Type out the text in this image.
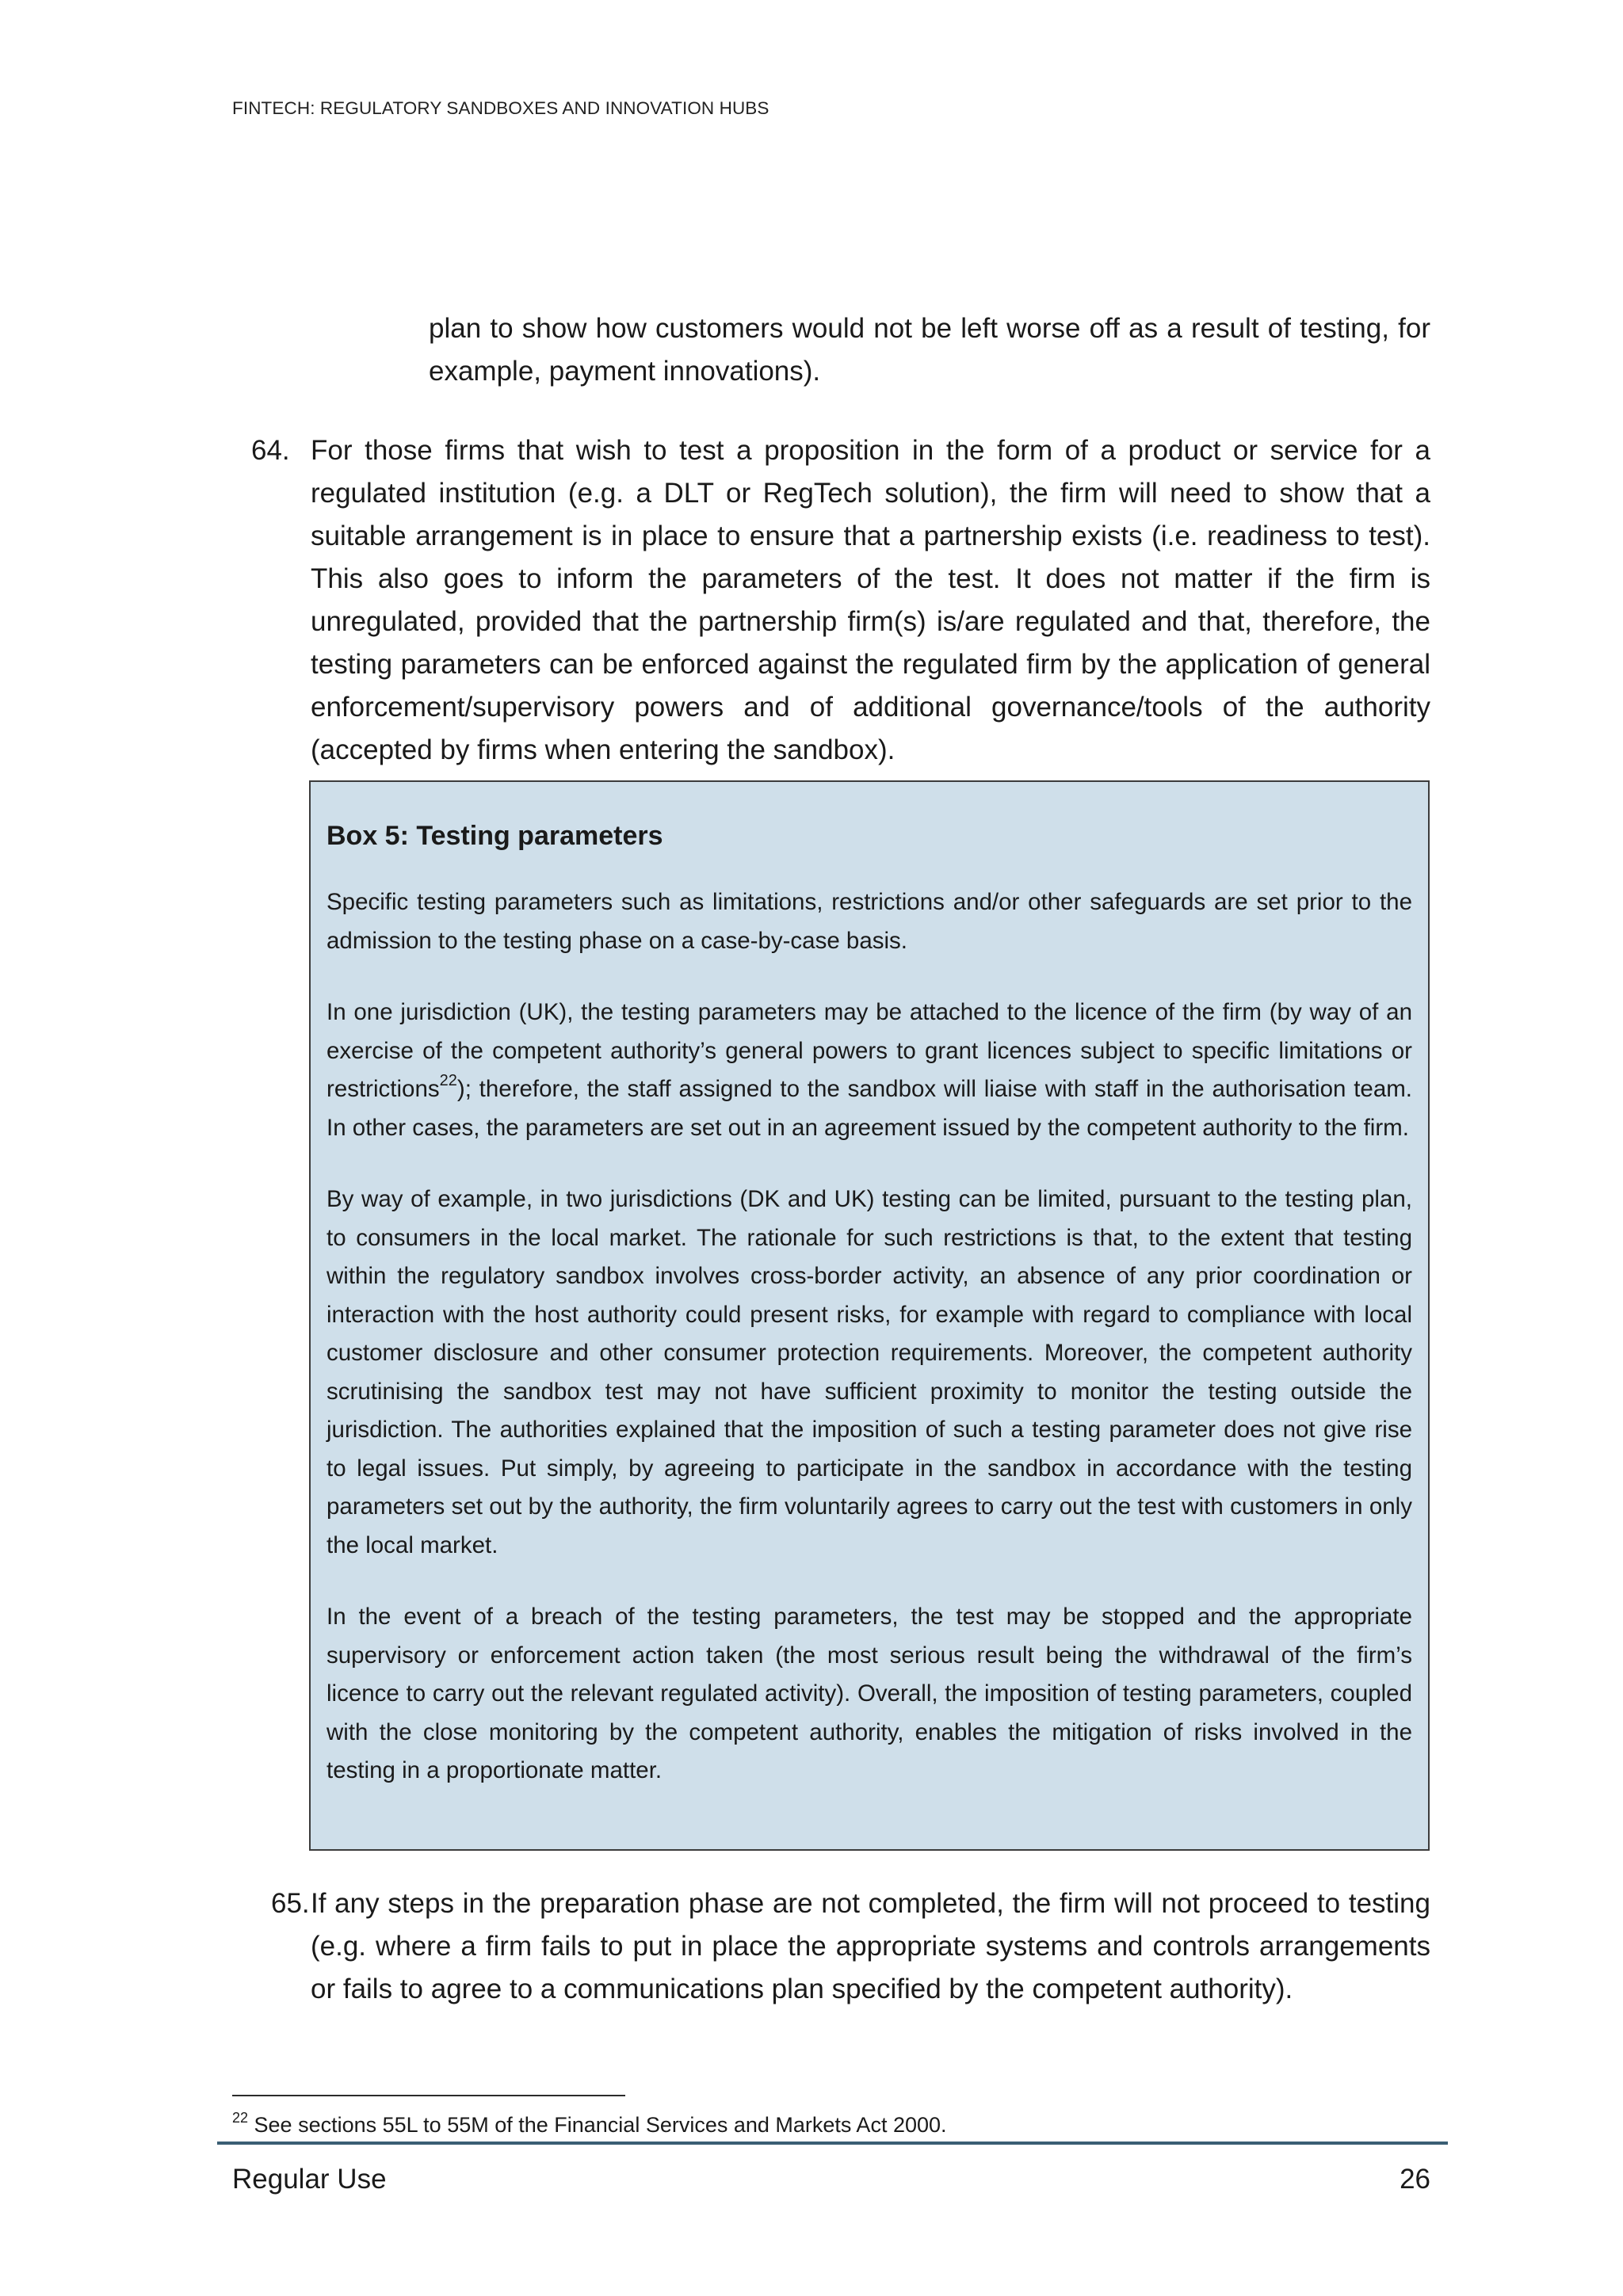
FINTECH: REGULATORY SANDBOXES AND INNOVATION HUBS
plan to show how customers would not be left worse off as a result of testing, for example, payment innovations).
64. For those firms that wish to test a proposition in the form of a product or service for a regulated institution (e.g. a DLT or RegTech solution), the firm will need to show that a suitable arrangement is in place to ensure that a partnership exists (i.e. readiness to test). This also goes to inform the parameters of the test. It does not matter if the firm is unregulated, provided that the partnership firm(s) is/are regulated and that, therefore, the testing parameters can be enforced against the regulated firm by the application of general enforcement/supervisory powers and of additional governance/tools of the authority (accepted by firms when entering the sandbox).
Box 5: Testing parameters

Specific testing parameters such as limitations, restrictions and/or other safeguards are set prior to the admission to the testing phase on a case-by-case basis.

In one jurisdiction (UK), the testing parameters may be attached to the licence of the firm (by way of an exercise of the competent authority’s general powers to grant licences subject to specific limitations or restrictions$^{22}$); therefore, the staff assigned to the sandbox will liaise with staff in the authorisation team. In other cases, the parameters are set out in an agreement issued by the competent authority to the firm.

By way of example, in two jurisdictions (DK and UK) testing can be limited, pursuant to the testing plan, to consumers in the local market. The rationale for such restrictions is that, to the extent that testing within the regulatory sandbox involves cross-border activity, an absence of any prior coordination or interaction with the host authority could present risks, for example with regard to compliance with local customer disclosure and other consumer protection requirements. Moreover, the competent authority scrutinising the sandbox test may not have sufficient proximity to monitor the testing outside the jurisdiction. The authorities explained that the imposition of such a testing parameter does not give rise to legal issues. Put simply, by agreeing to participate in the sandbox in accordance with the testing parameters set out by the authority, the firm voluntarily agrees to carry out the test with customers in only the local market.

In the event of a breach of the testing parameters, the test may be stopped and the appropriate supervisory or enforcement action taken (the most serious result being the withdrawal of the firm’s licence to carry out the relevant regulated activity). Overall, the imposition of testing parameters, coupled with the close monitoring by the competent authority, enables the mitigation of risks involved in the testing in a proportionate matter.

65. If any steps in the preparation phase are not completed, the firm will not proceed to testing (e.g. where a firm fails to put in place the appropriate systems and controls arrangements or fails to agree to a communications plan specified by the competent authority).
$^{22}$ See sections 55L to 55M of the Financial Services and Markets Act 2000.
Regular Use	26
